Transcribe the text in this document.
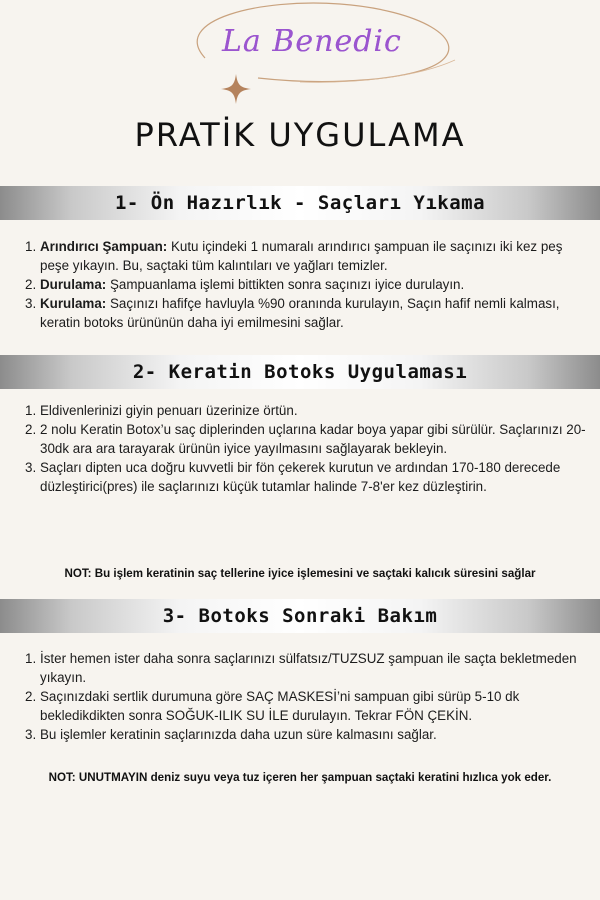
La Benedic
PRATİK UYGULAMA
1- Ön Hazırlık - Saçları Yıkama
1. Arındırıcı Şampuan: Kutu içindeki 1 numaralı arındırıcı şampuan ile saçınızı iki kez peş peşe yıkayın. Bu, saçtaki tüm kalıntıları ve yağları temizler.
2. Durulama: Şampuanlama işlemi bittikten sonra saçınızı iyice durulayın.
3. Kurulama: Saçınızı hafifçe havluyla %90 oranında kurulayın, Saçın hafif nemli kalması, keratin botoks ürününün daha iyi emilmesini sağlar.
2- Keratin Botoks Uygulaması
1. Eldivenlerinizi giyin penuarı üzerinize örtün.
2. 2 nolu Keratin Botox’u saç diplerinden uçlarına kadar boya yapar gibi sürülür. Saçlarınızı 20-30dk ara ara tarayarak ürünün iyice yayılmasını sağlayarak bekleyin.
3. Saçları dipten uca doğru kuvvetli bir fön çekerek kurutun ve ardından 170-180 derecede düzleştirici(pres) ile saçlarınızı küçük tutamlar halinde 7-8'er kez düzleştirin.
NOT: Bu işlem keratinin saç tellerine iyice işlemesini ve saçtaki kalıcık süresini sağlar
3- Botoks Sonraki Bakım
1. İster hemen ister daha sonra saçlarınızı sülfatsız/TUZSUZ şampuan ile saçta bekletmeden yıkayın.
2. Saçınızdaki sertlik durumuna göre SAÇ MASKESİ’ni sampuan gibi sürüp 5-10 dk bekledikdikten sonra SOĞUK-ILIK SU İLE durulayın. Tekrar FÖN ÇEKİN.
3. Bu işlemler keratinin saçlarınızda daha uzun süre kalmasını sağlar.
NOT: UNUTMAYIN deniz suyu veya tuz içeren her şampuan saçtaki keratini hızlıca yok eder.
